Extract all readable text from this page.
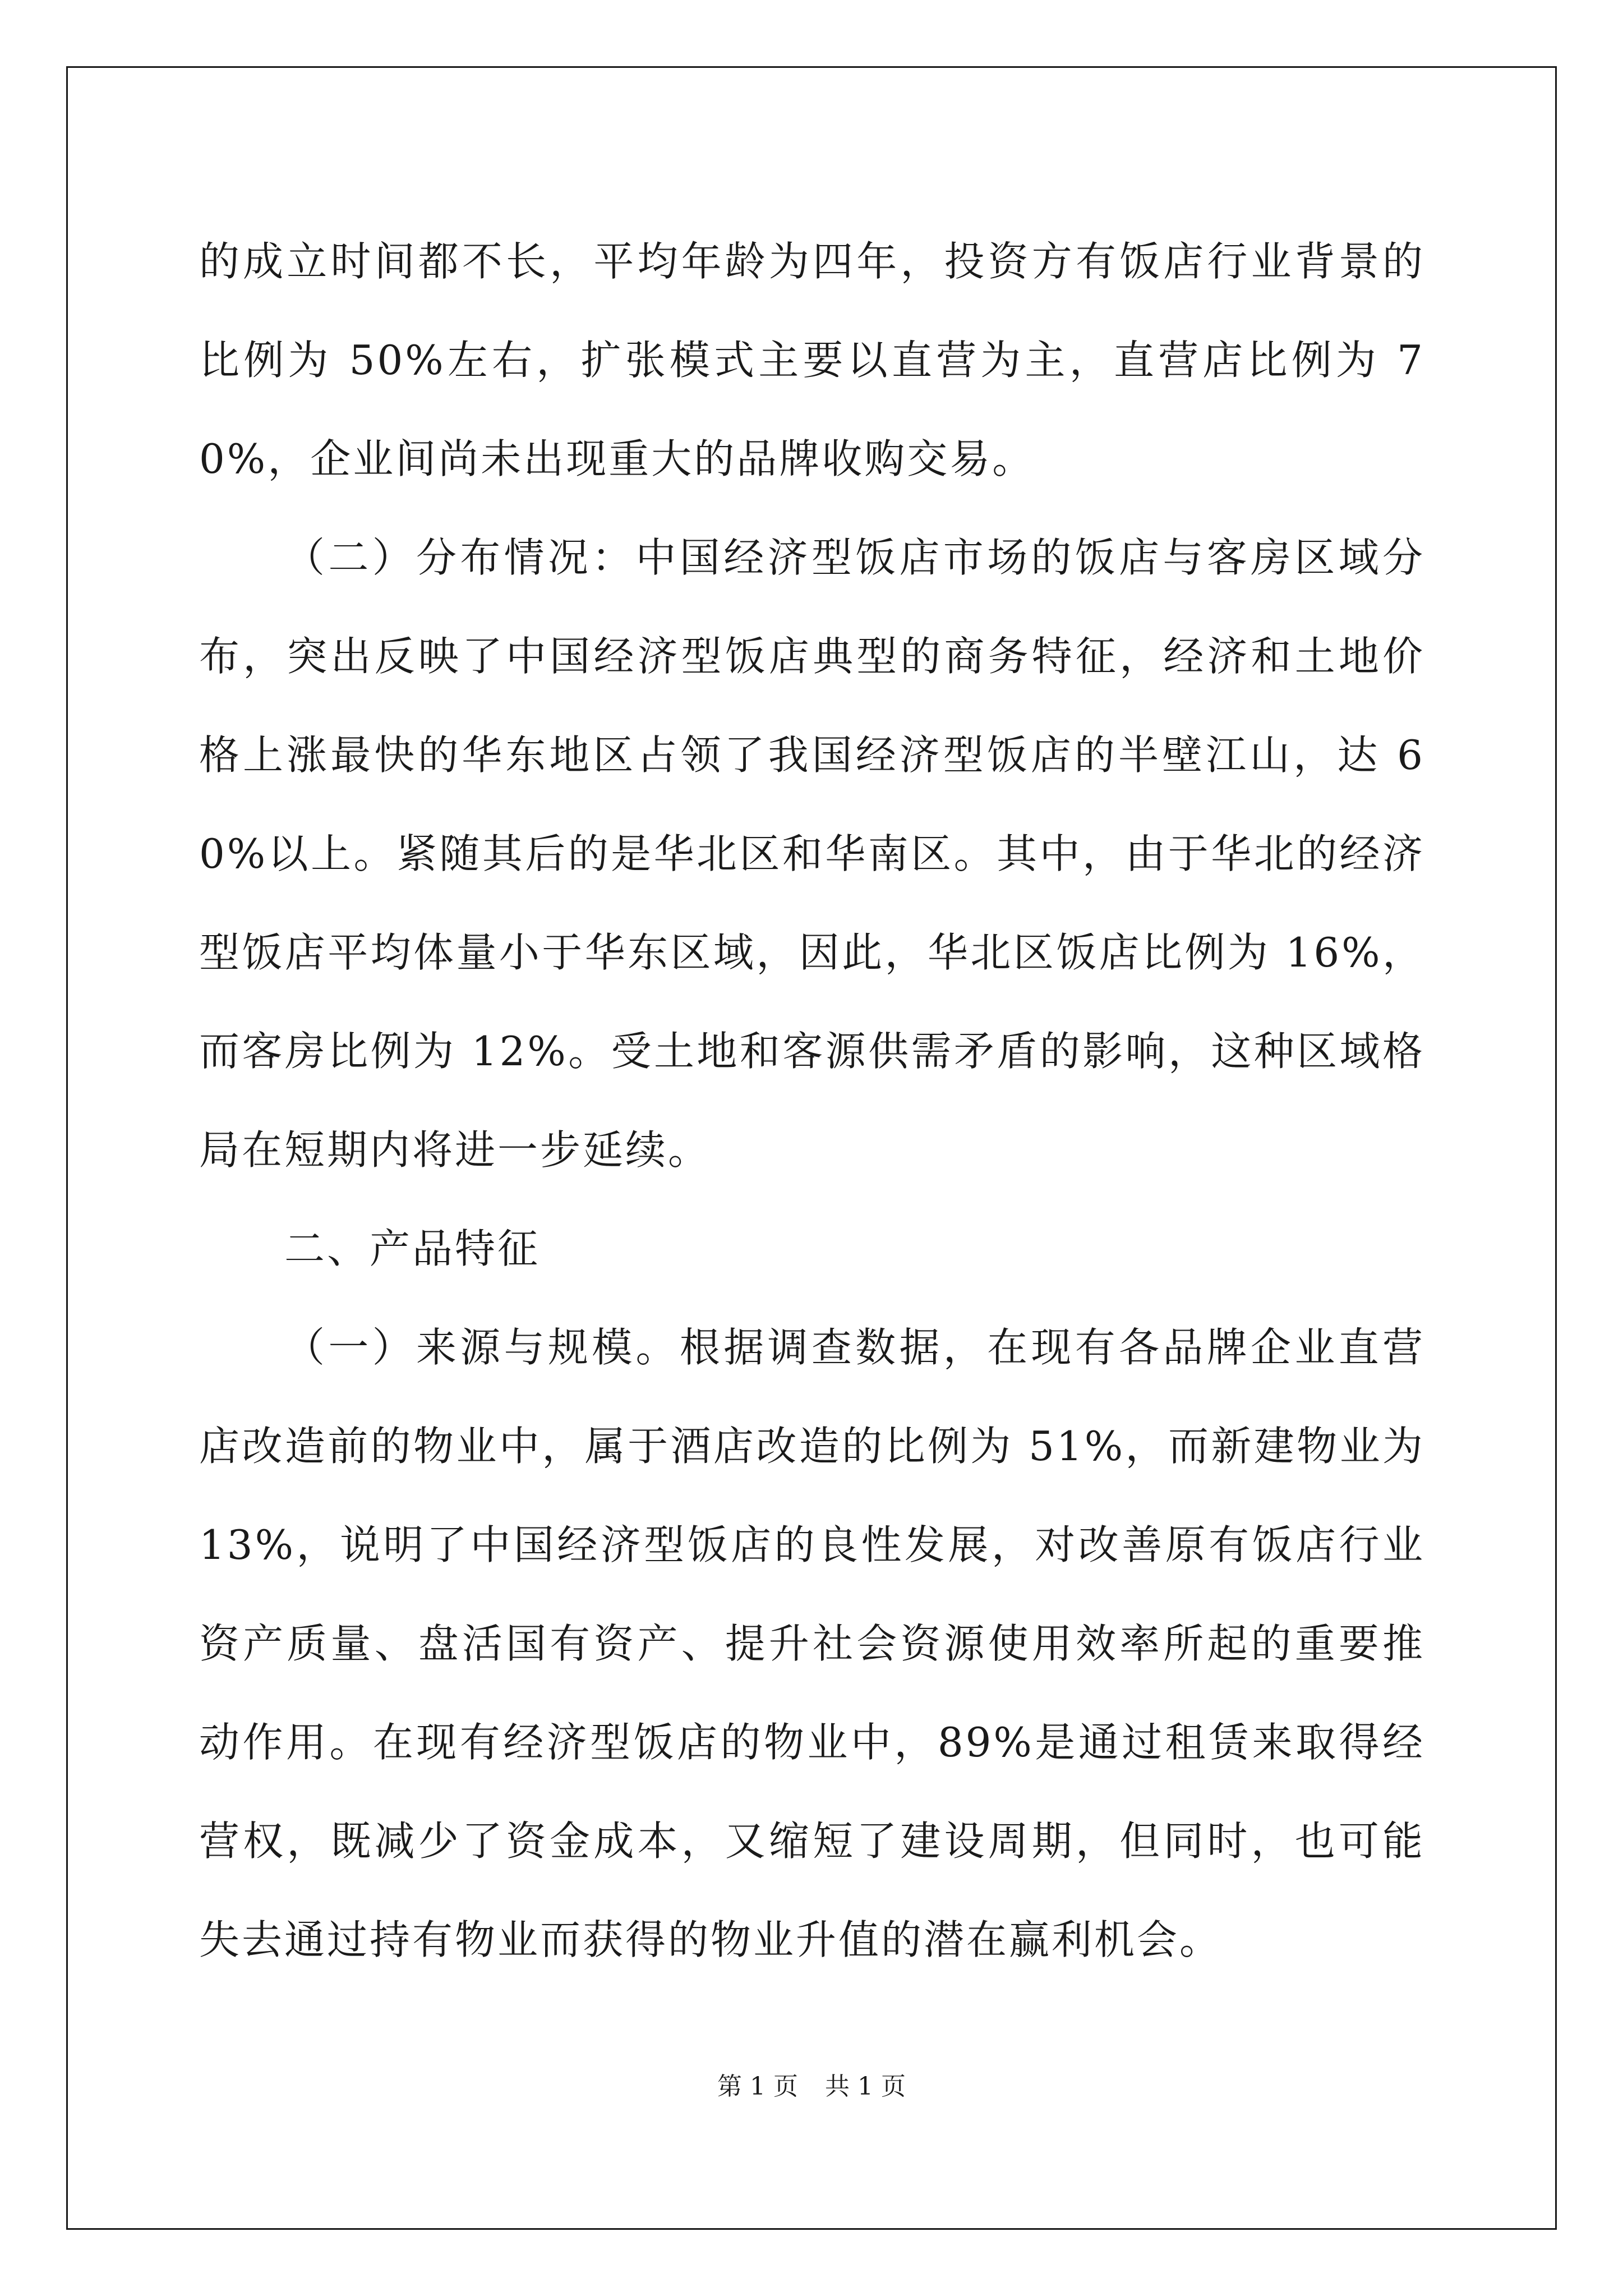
的成立时间都不长，平均年龄为四年，投资方有饭店行业背景的比例为 50%左右，扩张模式主要以直营为主，直营店比例为 70%，企业间尚未出现重大的品牌收购交易。

（二）分布情况：中国经济型饭店市场的饭店与客房区域分布，突出反映了中国经济型饭店典型的商务特征，经济和土地价格上涨最快的华东地区占领了我国经济型饭店的半壁江山，达 60%以上。紧随其后的是华北区和华南区。其中，由于华北的经济型饭店平均体量小于华东区域，因此，华北区饭店比例为 16%，而客房比例为 12%。受土地和客源供需矛盾的影响，这种区域格局在短期内将进一步延续。

二、产品特征

（一）来源与规模。根据调查数据，在现有各品牌企业直营店改造前的物业中，属于酒店改造的比例为 51%，而新建物业为 13%，说明了中国经济型饭店的良性发展，对改善原有饭店行业资产质量、盘活国有资产、提升社会资源使用效率所起的重要推动作用。在现有经济型饭店的物业中，89%是通过租赁来取得经营权，既减少了资金成本，又缩短了建设周期，但同时，也可能失去通过持有物业而获得的物业升值的潜在赢利机会。

第 1 页 共 1 页
